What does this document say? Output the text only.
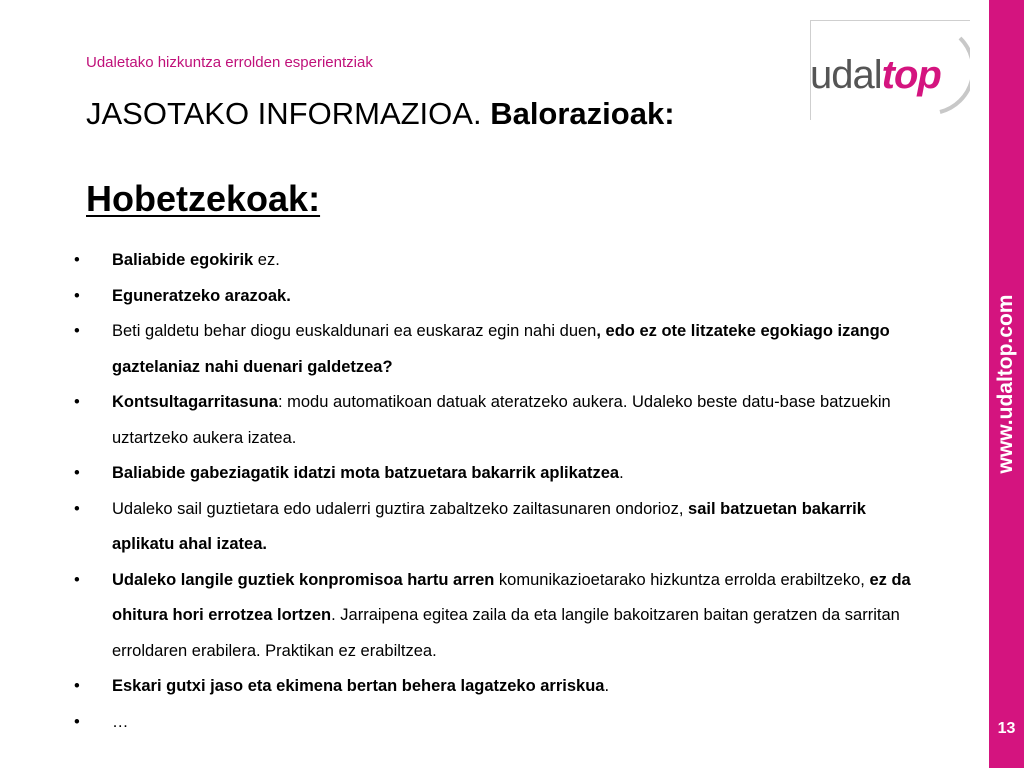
Udaletako hizkuntza errolden esperientziak
JASOTAKO INFORMAZIOA. Balorazioak:
Hobetzekoak:
udaltop
www.udaltop.com
13
• Baliabide egokirik ez.
• Eguneratzeko arazoak.
• Beti galdetu behar diogu euskaldunari ea euskaraz egin nahi duen, edo ez ote litzateke egokiago izango gaztelaniaz nahi duenari galdetzea?
• Kontsultagarritasuna: modu automatikoan datuak ateratzeko aukera. Udaleko beste datu-base batzuekin uztartzeko aukera izatea.
• Baliabide gabeziagatik idatzi mota batzuetara bakarrik aplikatzea.
• Udaleko sail guztietara edo udalerri guztira zabaltzeko zailtasunaren ondorioz, sail batzuetan bakarrik aplikatu ahal izatea.
• Udaleko langile guztiek konpromisoa hartu arren komunikazioetarako hizkuntza errolda erabiltzeko, ez da ohitura hori errotzea lortzen. Jarraipena egitea zaila da eta langile bakoitzaren baitan geratzen da sarritan erroldaren erabilera. Praktikan ez erabiltzea.
• Eskari gutxi jaso eta ekimena bertan behera lagatzeko arriskua.
• …
